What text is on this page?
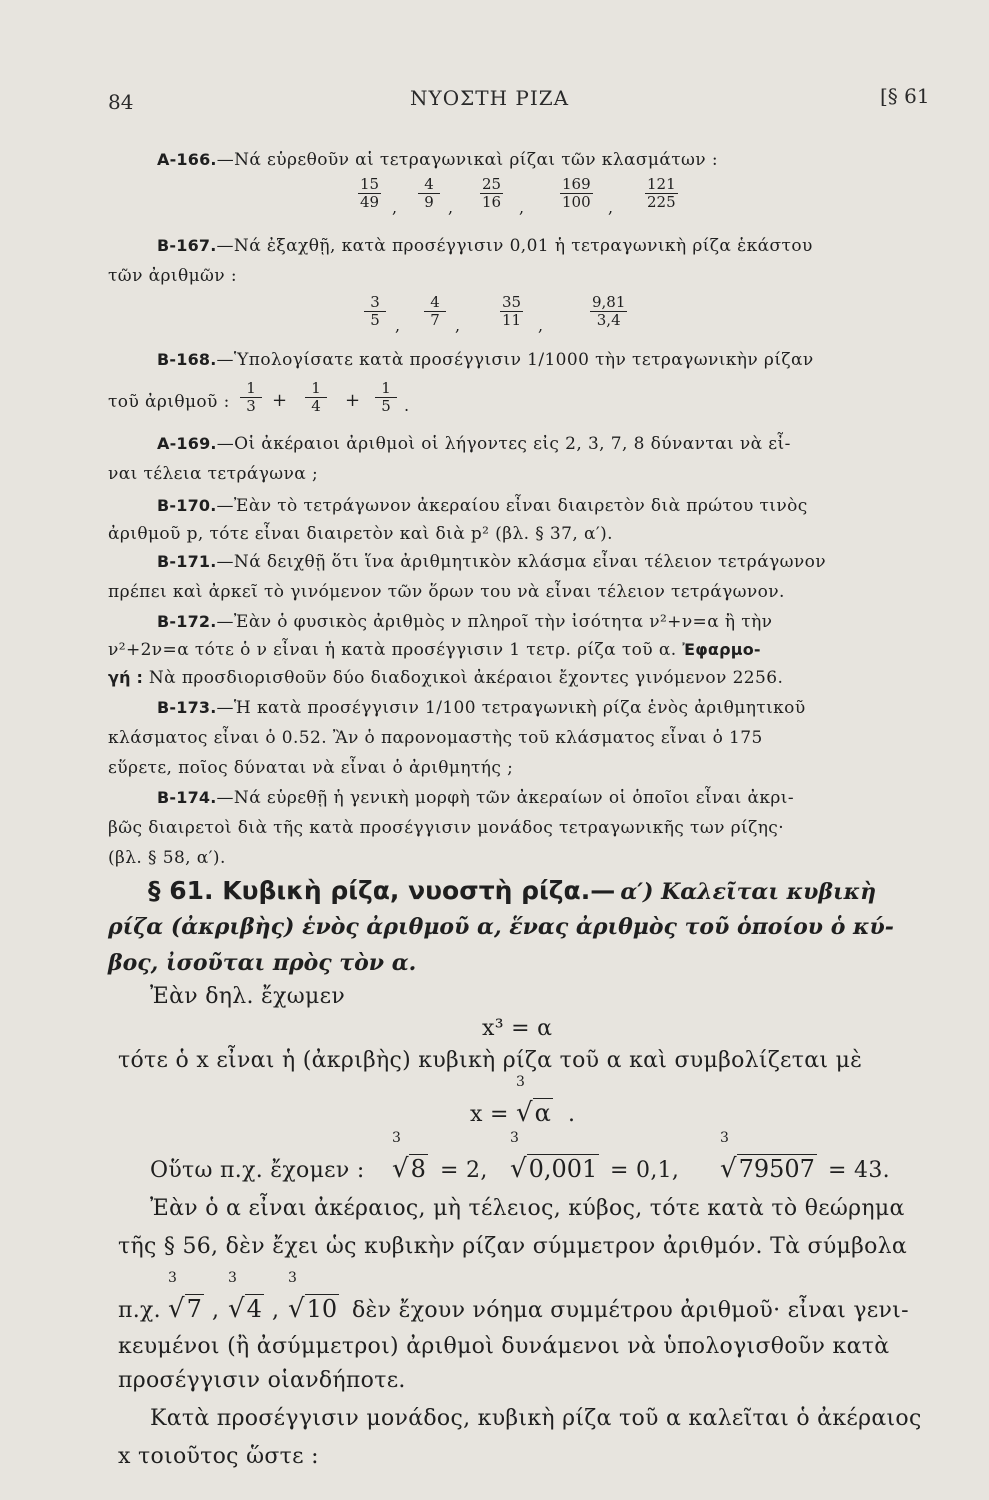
84	ΝΥΟΣΤΗ ΡΙΖΑ	[§ 61
Α-166.—Νά εὑρεθοῦν αἱ τετραγωνικαὶ ρίζαι τῶν κλασμάτων :
$\frac{15}{49} \frac{4}{9}$	$\frac{25}{16}$	$\frac{169}{100}$	$\frac{121}{225}$
,	,	,	,
Β-167.—Νά ἐξαχθῇ, κατὰ προσέγγισιν 0,01 ἡ τετραγωνικὴ ρίζα ἑκάστου
τῶν ἀριθμῶν :
$\frac{3}{5}$	$\frac{4}{7}$	$\frac{35}{11}$	$\frac{9,81}{3,4}$
,	,	,
Β-168.—Ὑπολογίσατε κατὰ προσέγγισιν 1/1000 τὴν τετραγωνικὴν ρίζαν
τοῦ ἀριθμοῦ : $\frac{1}{3} + \frac{1}{4} + \frac{1}{5}$ .
Α-169.—Οἱ ἀκέραιοι ἀριθμοὶ οἱ λήγοντες εἰς 2, 3, 7, 8 δύνανται νὰ εἶ-
ναι τέλεια τετράγωνα ;
Β-170.—Ἐὰν τὸ τετράγωνον ἀκεραίου εἶναι διαιρετὸν διὰ πρώτου τινὸς
ἀριθμοῦ p, τότε εἶναι διαιρετὸν καὶ διὰ p² (βλ. § 37, α′).
Β-171.—Νά δειχθῇ ὅτι ἵνα ἀριθμητικὸν κλάσμα εἶναι τέλειον τετράγωνον
πρέπει καὶ ἀρκεῖ τὸ γινόμενον τῶν ὅρων του νὰ εἶναι τέλειον τετράγωνον.
Β-172.—Ἐὰν ὁ φυσικὸς ἀριθμὸς ν πληροῖ τὴν ἰσότητα ν²+ν=α ἢ τὴν
ν²+2ν=α τότε ὁ ν εἶναι ἡ κατὰ προσέγγισιν 1 τετρ. ρίζα τοῦ α. Ἐφαρμο-
γή : Νὰ προσδιορισθοῦν δύο διαδοχικοὶ ἀκέραιοι ἔχοντες γινόμενον 2256.
Β-173.—Ἡ κατὰ προσέγγισιν 1/100 τετραγωνικὴ ρίζα ἑνὸς ἀριθμητικοῦ
κλάσματος εἶναι ὁ 0.52. Ἂν ὁ παρονομαστὴς τοῦ κλάσματος εἶναι ὁ 175
εὕρετε, ποῖος δύναται νὰ εἶναι ὁ ἀριθμητής ;
Β-174.—Νά εὑρεθῇ ἡ γενικὴ μορφὴ τῶν ἀκεραίων οἱ ὁποῖοι εἶναι ἀκρι-
βῶς διαιρετοὶ διὰ τῆς κατὰ προσέγγισιν μονάδος τετραγωνικῆς των ρίζης·
(βλ. § 58, α′).
§ 61. Κυβικὴ ρίζα, νυοστὴ ρίζα.— α′) Καλεῖται κυβικὴ
ρίζα (ἀκριβὴς) ἑνὸς ἀριθμοῦ α, ἕνας ἀριθμὸς τοῦ ὁποίου ὁ κύ-
βος, ἰσοῦται πρὸς τὸν α.
Ἐὰν δηλ. ἔχωμεν
x³ = α
τότε ὁ x εἶναι ἡ (ἀκριβὴς) κυβικὴ ρίζα τοῦ α καὶ συμβολίζεται μὲ
x =
3
√α .
Οὕτω π.χ. ἔχομεν :
3
√8 = 2,
3
√0,001 = 0,1,
3
√79507 = 43.
Ἐὰν ὁ α εἶναι ἀκέραιος, μὴ τέλειος, κύβος, τότε κατὰ τὸ θεώρημα
τῆς § 56, δὲν ἔχει ὡς κυβικὴν ρίζαν σύμμετρον ἀριθμόν. Τὰ σύμβολα
π.χ.
3
√7 ,
3
√4 ,
3
√10 δὲν ἔχουν νόημα συμμέτρου ἀριθμοῦ· εἶναι γενι-
κευμένοι (ἢ ἀσύμμετροι) ἀριθμοὶ δυνάμενοι νὰ ὑπολογισθοῦν κατὰ
προσέγγισιν οἱανδήποτε.
Κατὰ προσέγγισιν μονάδος, κυβικὴ ρίζα τοῦ α καλεῖται ὁ ἀκέραιος
x τοιοῦτος ὥστε :
